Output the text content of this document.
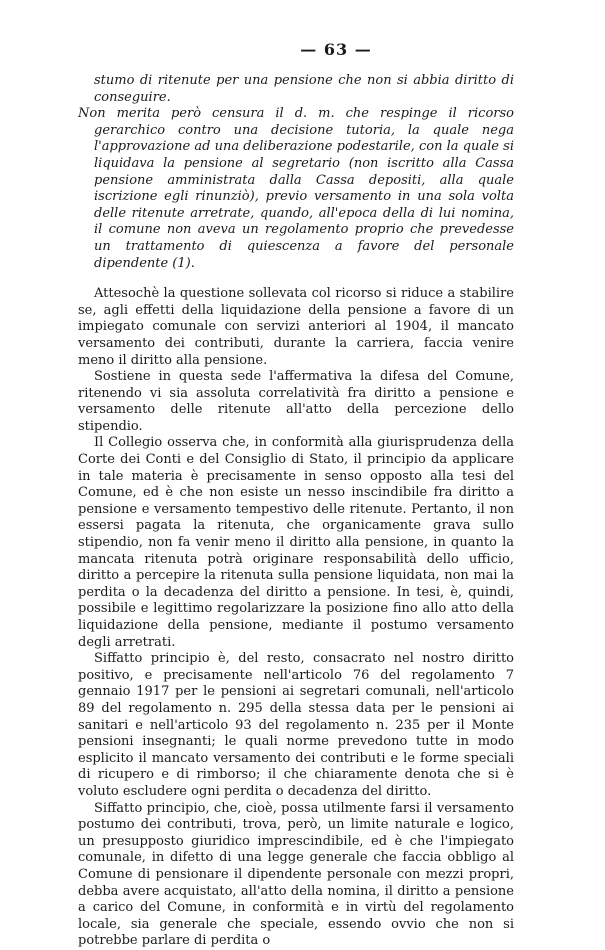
— 63 —

stumo di ritenute per una pensione che non si abbia diritto di conseguire.

Non merita però censura il d. m. che respinge il ricorso gerarchico contro una decisione tutoria, la quale nega l'approvazione ad una deliberazione podestarile, con la quale si liquidava la pensione al segretario (non iscritto alla Cassa pensione amministrata dalla Cassa depositi, alla quale iscrizione egli rinunziò), previo versamento in una sola volta delle ritenute arretrate, quando, all'epoca della di lui nomina, il comune non aveva un regolamento proprio che prevedesse un trattamento di quiescenza a favore del personale dipendente (1).

Attesochè la questione sollevata col ricorso si riduce a stabilire se, agli effetti della liquidazione della pensione a favore di un impiegato comunale con servizi anteriori al 1904, il mancato versamento dei contributi, durante la carriera, faccia venire meno il diritto alla pensione.

Sostiene in questa sede l'affermativa la difesa del Comune, ritenendo vi sia assoluta correlatività fra diritto a pensione e versamento delle ritenute all'atto della percezione dello stipendio.

Il Collegio osserva che, in conformità alla giurisprudenza della Corte dei Conti e del Consiglio di Stato, il principio da applicare in tale materia è precisamente in senso opposto alla tesi del Comune, ed è che non esiste un nesso inscindibile fra diritto a pensione e versamento tempestivo delle ritenute. Pertanto, il non essersi pagata la ritenuta, che organicamente grava sullo stipendio, non fa venir meno il diritto alla pensione, in quanto la mancata ritenuta potrà originare responsabilità dello ufficio, diritto a percepire la ritenuta sulla pensione liquidata, non mai la perdita o la decadenza del diritto a pensione. In tesi, è, quindi, possibile e legittimo regolarizzare la posizione fino allo atto della liquidazione della pensione, mediante il postumo versamento degli arretrati.

Siffatto principio è, del resto, consacrato nel nostro diritto positivo, e precisamente nell'articolo 76 del regolamento 7 gennaio 1917 per le pensioni ai segretari comunali, nell'articolo 89 del regolamento n. 295 della stessa data per le pensioni ai sanitari e nell'articolo 93 del regolamento n. 235 per il Monte pensioni insegnanti; le quali norme prevedono tutte in modo esplicito il mancato versamento dei contributi e le forme speciali di ricupero e di rimborso; il che chiaramente denota che si è voluto escludere ogni perdita o decadenza del diritto.

Siffatto principio, che, cioè, possa utilmente farsi il versamento postumo dei contributi, trova, però, un limite naturale e logico, un presupposto giuridico imprescindibile, ed è che l'impiegato comunale, in difetto di una legge generale che faccia obbligo al Comune di pensionare il dipendente personale con mezzi propri, debba avere acquistato, all'atto della nomina, il diritto a pensione a carico del Comune, in conformità e in virtù del regolamento locale, sia generale che speciale, essendo ovvio che non si potrebbe parlare di perdita o
